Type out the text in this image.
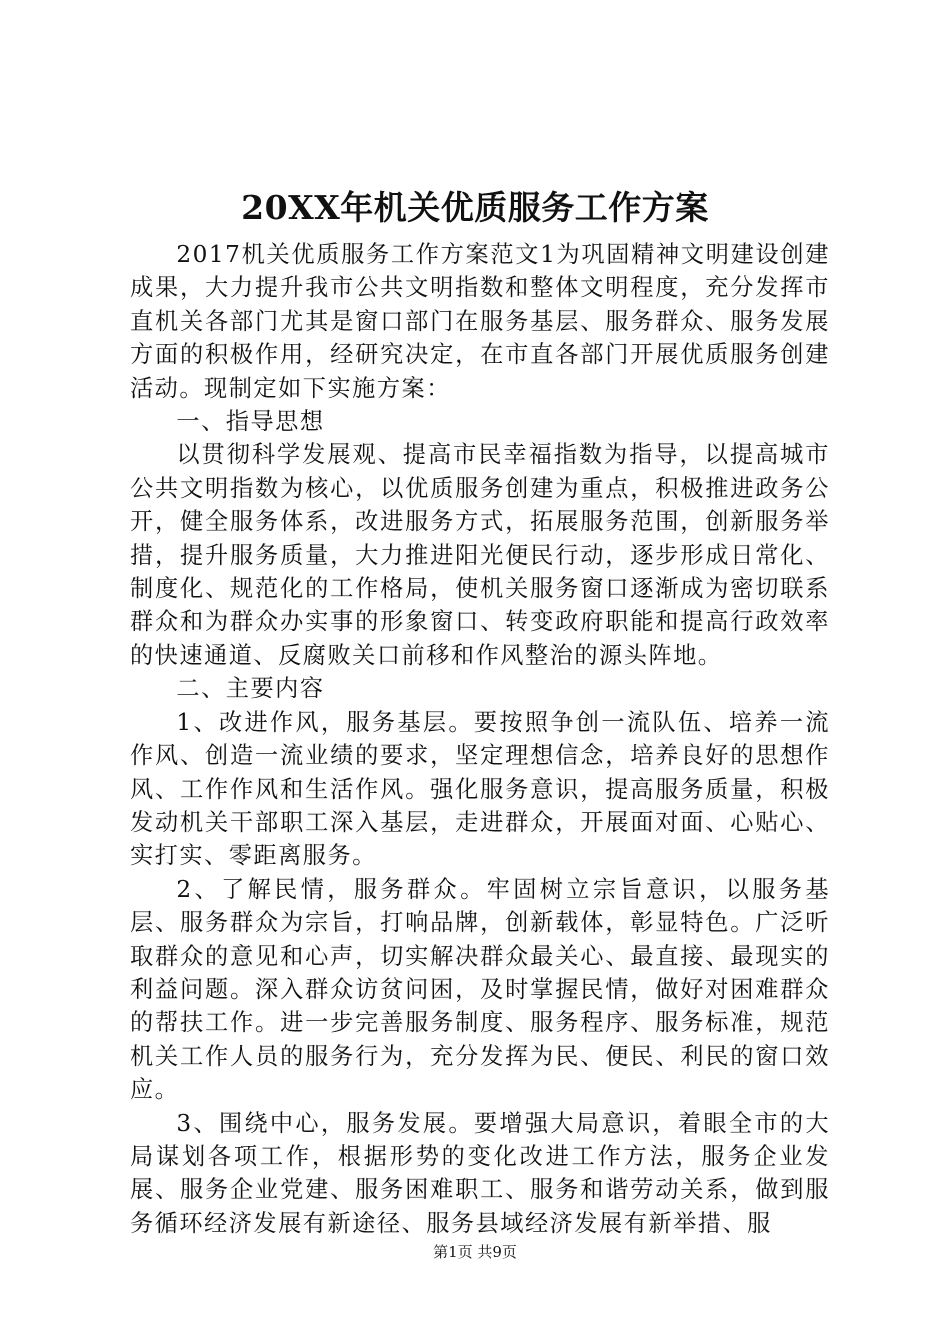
20XX年机关优质服务工作方案

2017机关优质服务工作方案范文1为巩固精神文明建设创建成果，大力提升我市公共文明指数和整体文明程度，充分发挥市直机关各部门尤其是窗口部门在服务基层、服务群众、服务发展方面的积极作用，经研究决定，在市直各部门开展优质服务创建活动。现制定如下实施方案：

一、指导思想

以贯彻科学发展观、提高市民幸福指数为指导，以提高城市公共文明指数为核心，以优质服务创建为重点，积极推进政务公开，健全服务体系，改进服务方式，拓展服务范围，创新服务举措，提升服务质量，大力推进阳光便民行动，逐步形成日常化、制度化、规范化的工作格局，使机关服务窗口逐渐成为密切联系群众和为群众办实事的形象窗口、转变政府职能和提高行政效率的快速通道、反腐败关口前移和作风整治的源头阵地。

二、主要内容

1、改进作风，服务基层。要按照争创一流队伍、培养一流作风、创造一流业绩的要求，坚定理想信念，培养良好的思想作风、工作作风和生活作风。强化服务意识，提高服务质量，积极发动机关干部职工深入基层，走进群众，开展面对面、心贴心、实打实、零距离服务。

2、了解民情，服务群众。牢固树立宗旨意识，以服务基层、服务群众为宗旨，打响品牌，创新载体，彰显特色。广泛听取群众的意见和心声，切实解决群众最关心、最直接、最现实的利益问题。深入群众访贫问困，及时掌握民情，做好对困难群众的帮扶工作。进一步完善服务制度、服务程序、服务标准，规范机关工作人员的服务行为，充分发挥为民、便民、利民的窗口效应。

3、围绕中心，服务发展。要增强大局意识，着眼全市的大局谋划各项工作，根据形势的变化改进工作方法，服务企业发展、服务企业党建、服务困难职工、服务和谐劳动关系，做到服务循环经济发展有新途径、服务县域经济发展有新举措、服

第1页 共9页
